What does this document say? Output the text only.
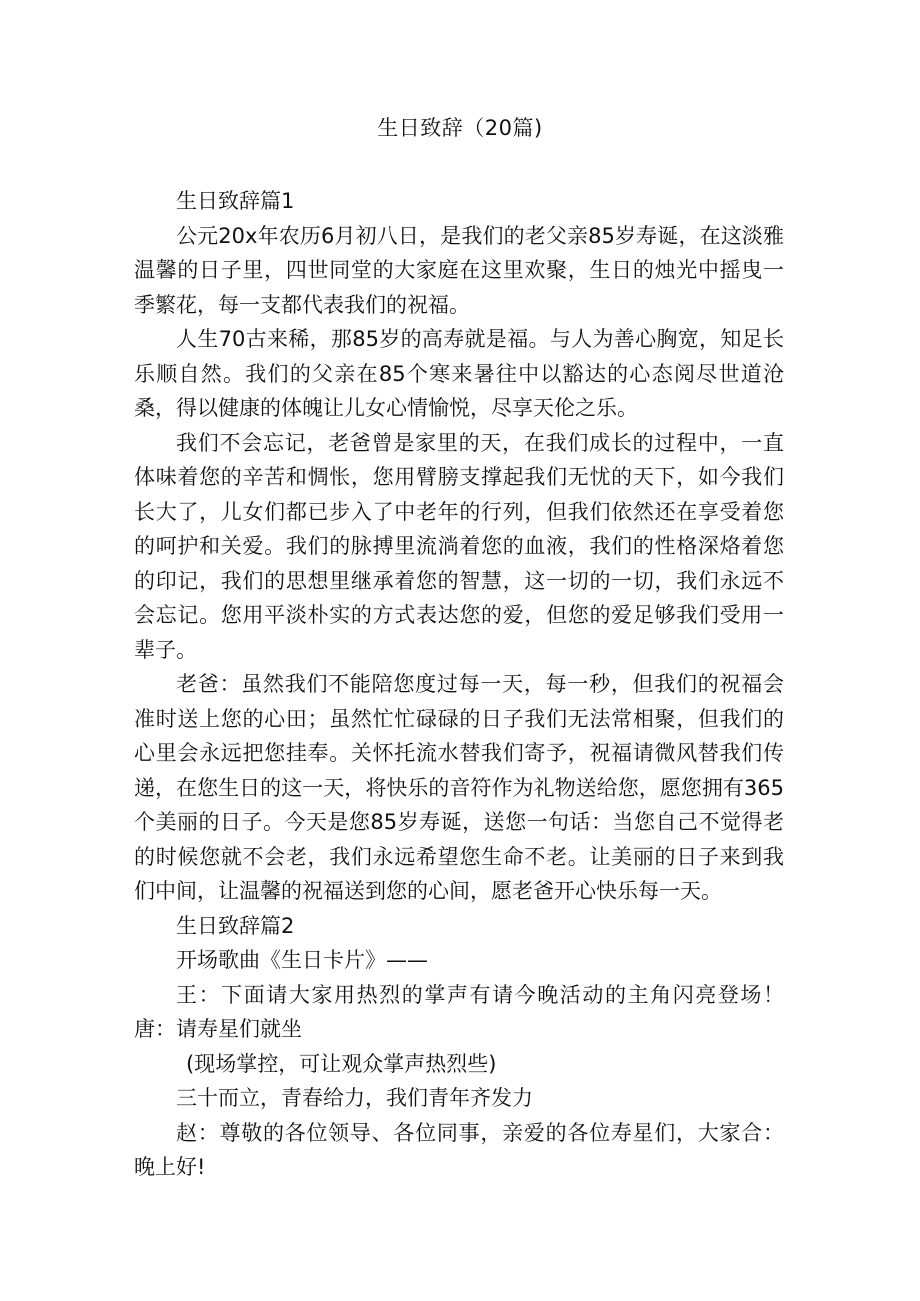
生日致辞（20篇)

生日致辞篇1

公元20x年农历6月初八日，是我们的老父亲85岁寿诞，在这淡雅温馨的日子里，四世同堂的大家庭在这里欢聚，生日的烛光中摇曳一季繁花，每一支都代表我们的祝福。

人生70古来稀，那85岁的高寿就是福。与人为善心胸宽，知足长乐顺自然。我们的父亲在85个寒来暑往中以豁达的心态阅尽世道沧桑，得以健康的体魄让儿女心情愉悦，尽享天伦之乐。

我们不会忘记，老爸曾是家里的天，在我们成长的过程中，一直体味着您的辛苦和惆怅，您用臂膀支撑起我们无忧的天下，如今我们长大了，儿女们都已步入了中老年的行列，但我们依然还在享受着您的呵护和关爱。我们的脉搏里流淌着您的血液，我们的性格深烙着您的印记，我们的思想里继承着您的智慧，这一切的一切，我们永远不会忘记。您用平淡朴实的方式表达您的爱，但您的爱足够我们受用一辈子。

老爸：虽然我们不能陪您度过每一天，每一秒，但我们的祝福会准时送上您的心田；虽然忙忙碌碌的日子我们无法常相聚，但我们的心里会永远把您挂奉。关怀托流水替我们寄予，祝福请微风替我们传递，在您生日的这一天，将快乐的音符作为礼物送给您，愿您拥有365个美丽的日子。今天是您85岁寿诞，送您一句话：当您自己不觉得老的时候您就不会老，我们永远希望您生命不老。让美丽的日子来到我们中间，让温馨的祝福送到您的心间，愿老爸开心快乐每一天。

生日致辞篇2

开场歌曲《生日卡片》——

王：下面请大家用热烈的掌声有请今晚活动的主角闪亮登场！唐：请寿星们就坐

(现场掌控，可让观众掌声热烈些)

三十而立，青春给力，我们青年齐发力

赵：尊敬的各位领导、各位同事，亲爱的各位寿星们，大家合：晚上好!
